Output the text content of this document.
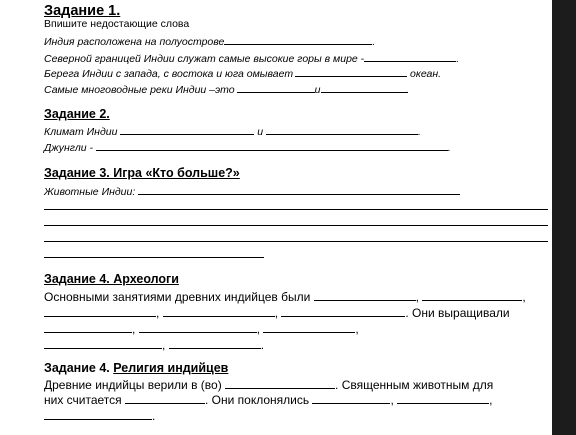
Задание 1.
Впишите недостающие слова
Индия расположена на полуострове	.
Северной границей Индии служат самые высокие горы в мире -	.
Берега Индии с запада, с востока и юга омывает	океан.
Самые многоводные реки Индии –это	и	.
Задание 2.
Климат Индии	и	.
Джунгли -	.
Задание 3. Игра «Кто больше?»
Животные Индии:
Задание 4. Археологи
Основными занятиями древних индийцев были	,	,
,	,	. Они выращивали
,	,	,
,	.
Задание 4. Религия индийцев
Древние индийцы верили в (во)	. Священным животным для
них считается	. Они поклонялись	,	,
.
